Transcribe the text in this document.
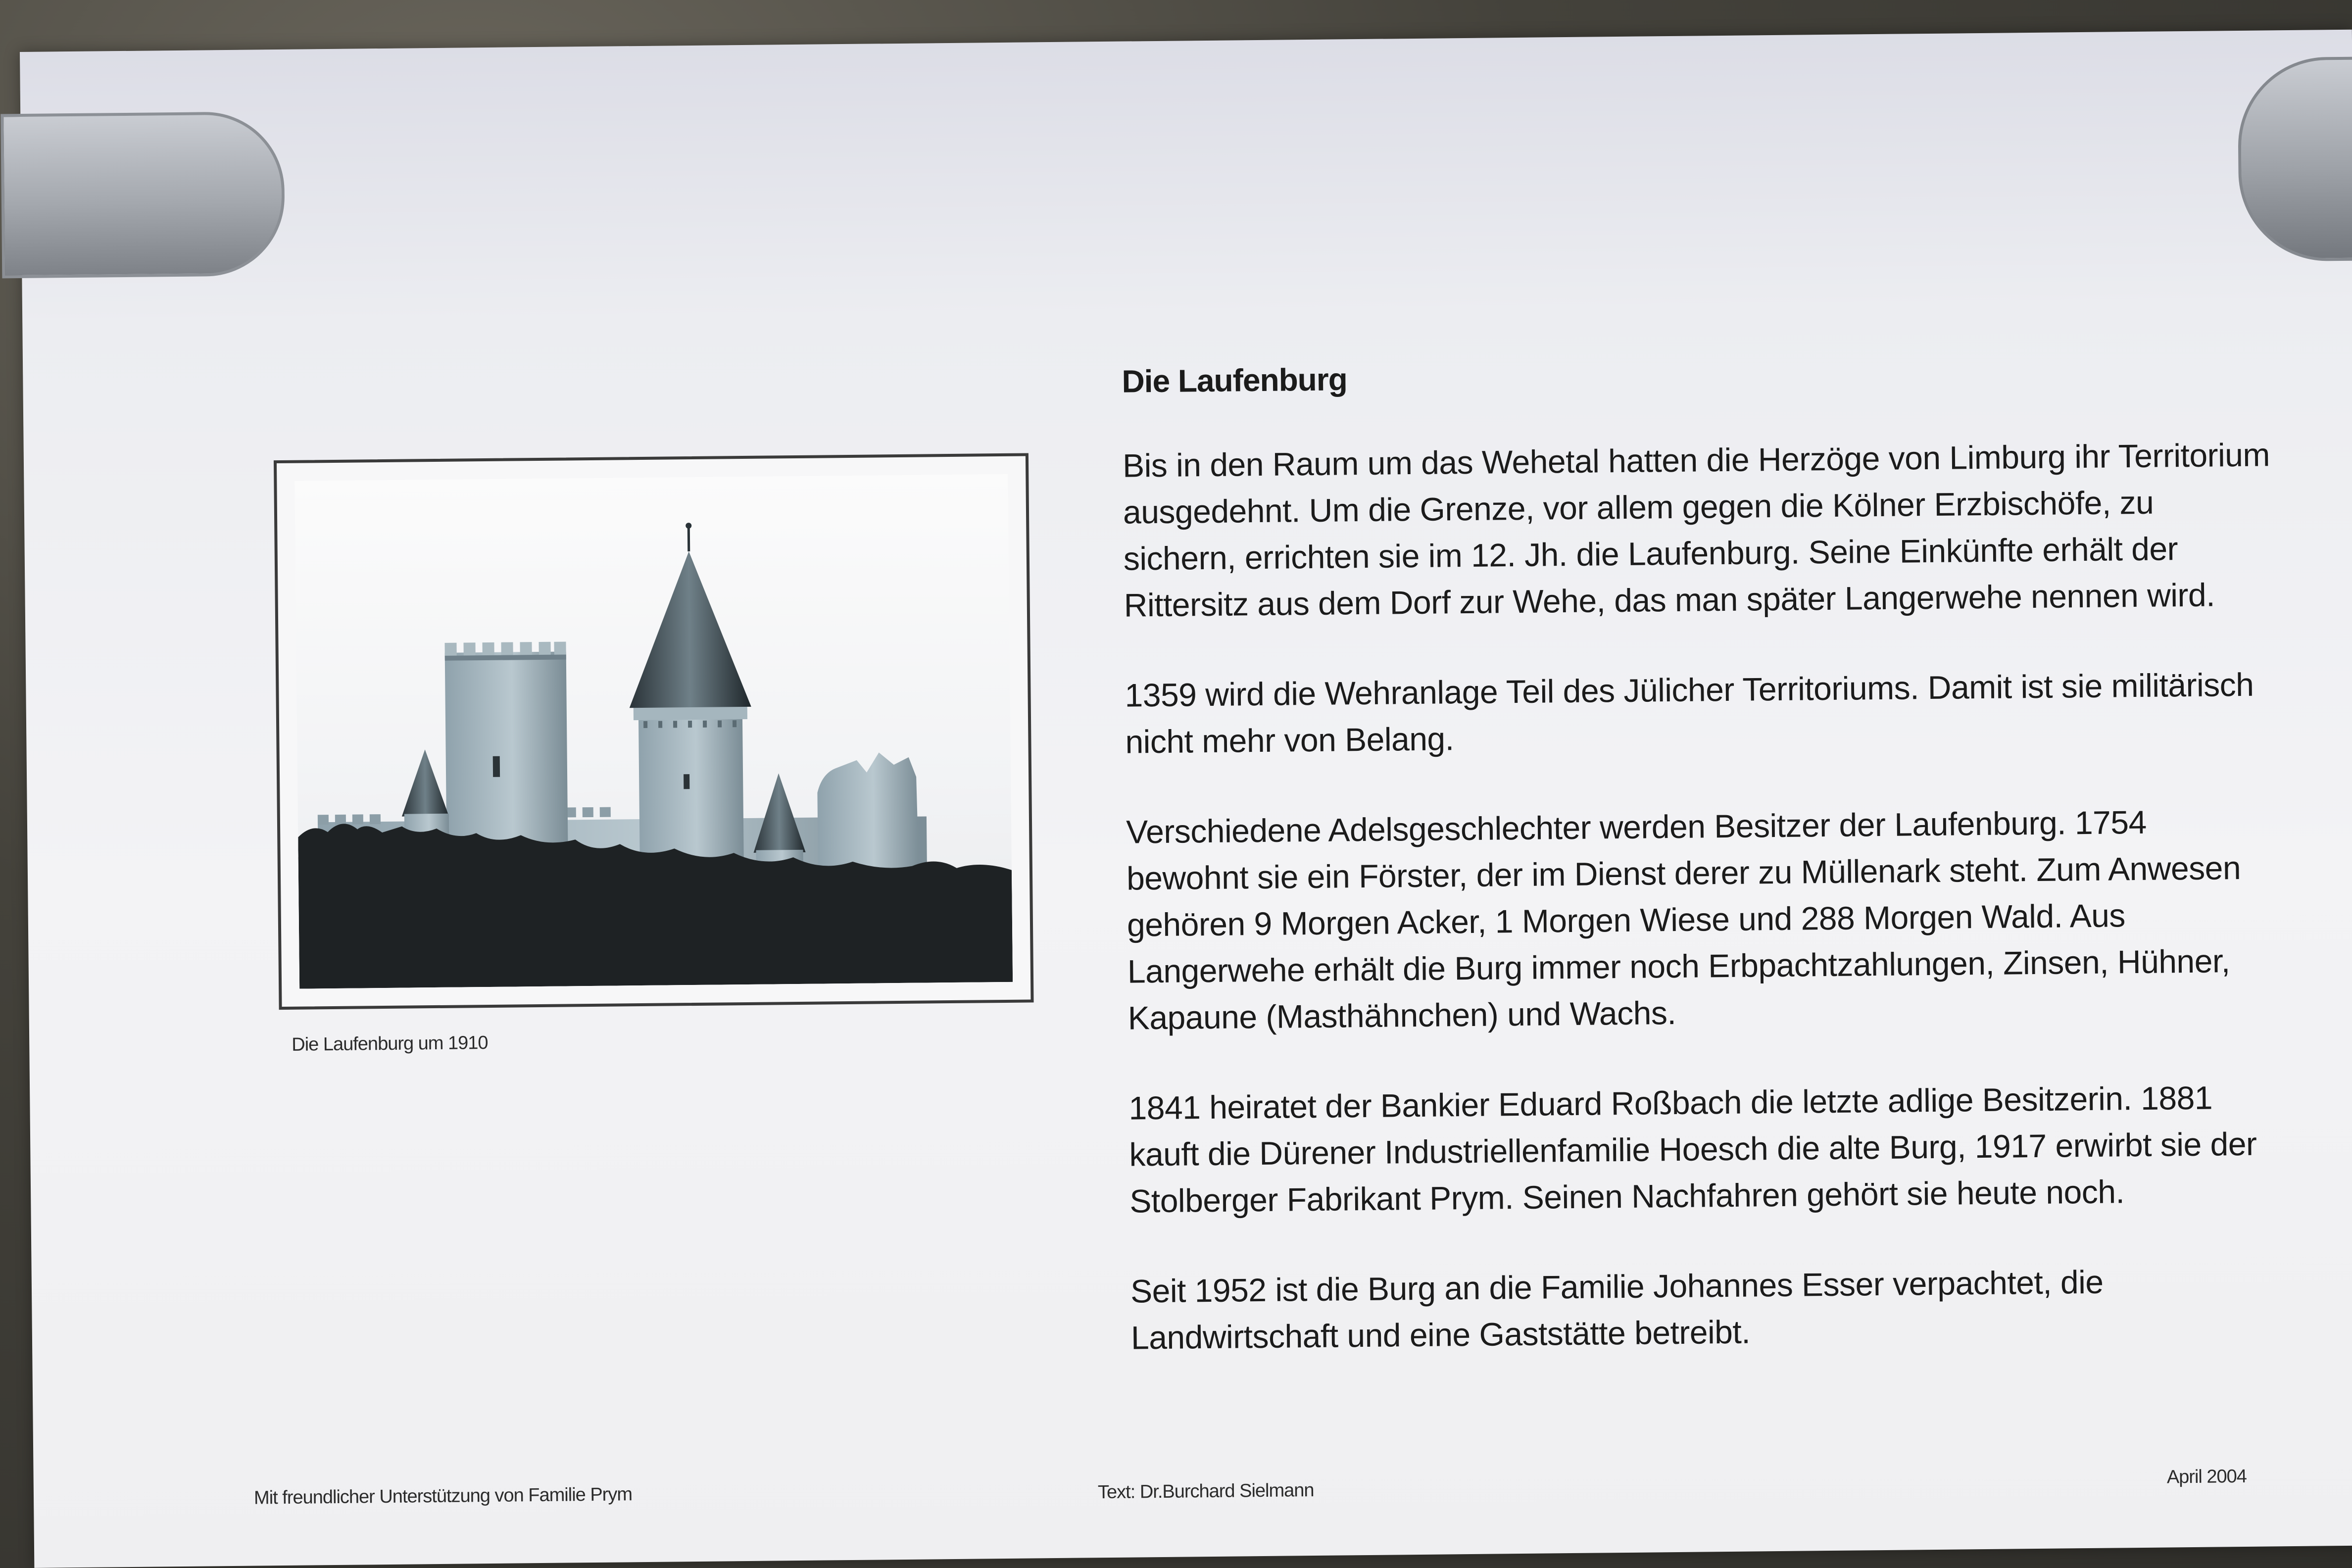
Die Laufenburg um 1910
Die Laufenburg

Bis in den Raum um das Wehetal hatten die Herzöge von Limburg ihr Territorium ausgedehnt. Um die Grenze, vor allem gegen die Kölner Erzbischöfe, zu sichern, errichten sie im 12. Jh. die Laufenburg. Seine Einkünfte erhält der Rittersitz aus dem Dorf zur Wehe, das man später Langerwehe nennen wird.

1359 wird die Wehranlage Teil des Jülicher Territoriums. Damit ist sie militärisch nicht mehr von Belang.

Verschiedene Adelsgeschlechter werden Besitzer der Laufenburg. 1754 bewohnt sie ein Förster, der im Dienst derer zu Müllenark steht. Zum Anwesen gehören 9 Morgen Acker, 1 Morgen Wiese und 288 Morgen Wald. Aus Langerwehe erhält die Burg immer noch Erbpachtzahlungen, Zinsen, Hühner, Kapaune (Masthähnchen) und Wachs.

1841 heiratet der Bankier Eduard Roßbach die letzte adlige Besitzerin. 1881 kauft die Dürener Industriellenfamilie Hoesch die alte Burg, 1917 erwirbt sie der Stolberger Fabrikant Prym. Seinen Nachfahren gehört sie heute noch.

Seit 1952 ist die Burg an die Familie Johannes Esser verpachtet, die Landwirtschaft und eine Gaststätte betreibt.

Mit freundlicher Unterstützung von Familie Prym	Text: Dr.Burchard Sielmann
April 2004
